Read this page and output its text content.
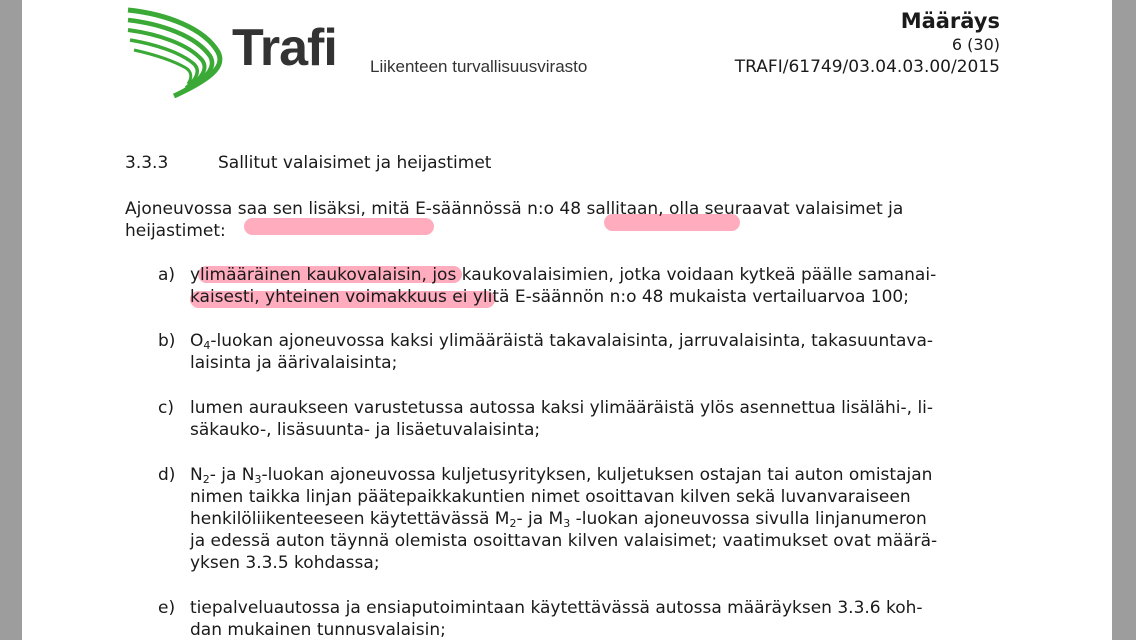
Trafi Liikenteen turvallisuusvirasto
Määräys
6 (30)
TRAFI/61749/03.04.03.00/2015
3.3.3	Sallitut valaisimet ja heijastimet
Ajoneuvossa saa sen lisäksi, mitä E-säännössä n:o 48 sallitaan, olla seuraavat valaisimet ja
heijastimet:
a) ylimääräinen kaukovalaisin, jos kaukovalaisimien, jotka voidaan kytkeä päälle samanai-
kaisesti, yhteinen voimakkuus ei ylitä E-säännön n:o 48 mukaista vertailuarvoa 100;
b) $O_4$-luokan ajoneuvossa kaksi ylimääräistä takavalaisinta, jarruvalaisinta, takasuuntava-
laisinta ja äärivalaisinta;
c) lumen auraukseen varustetussa autossa kaksi ylimääräistä ylös asennettua lisälähi-, li-
säkauko-, lisäsuunta- ja lisäetuvalaisinta;
d) $N_2-$ ja $N_3$-luokan ajoneuvossa kuljetusyrityksen, kuljetuksen ostajan tai auton omistajan
nimen taikka linjan päätepaikkakuntien nimet osoittavan kilven sekä luvanvaraiseen
henkilöliikenteeseen käytettävässä $M_2-$ ja $M_3$ -luokan ajoneuvossa sivulla linjanumeron
ja edessä auton täynnä olemista osoittavan kilven valaisimet; vaatimukset ovat määrä-
yksen 3.3.5 kohdassa;
e) tiepalveluautossa ja ensiaputoimintaan käytettävässä autossa määräyksen 3.3.6 koh-
dan mukainen tunnusvalaisin;
